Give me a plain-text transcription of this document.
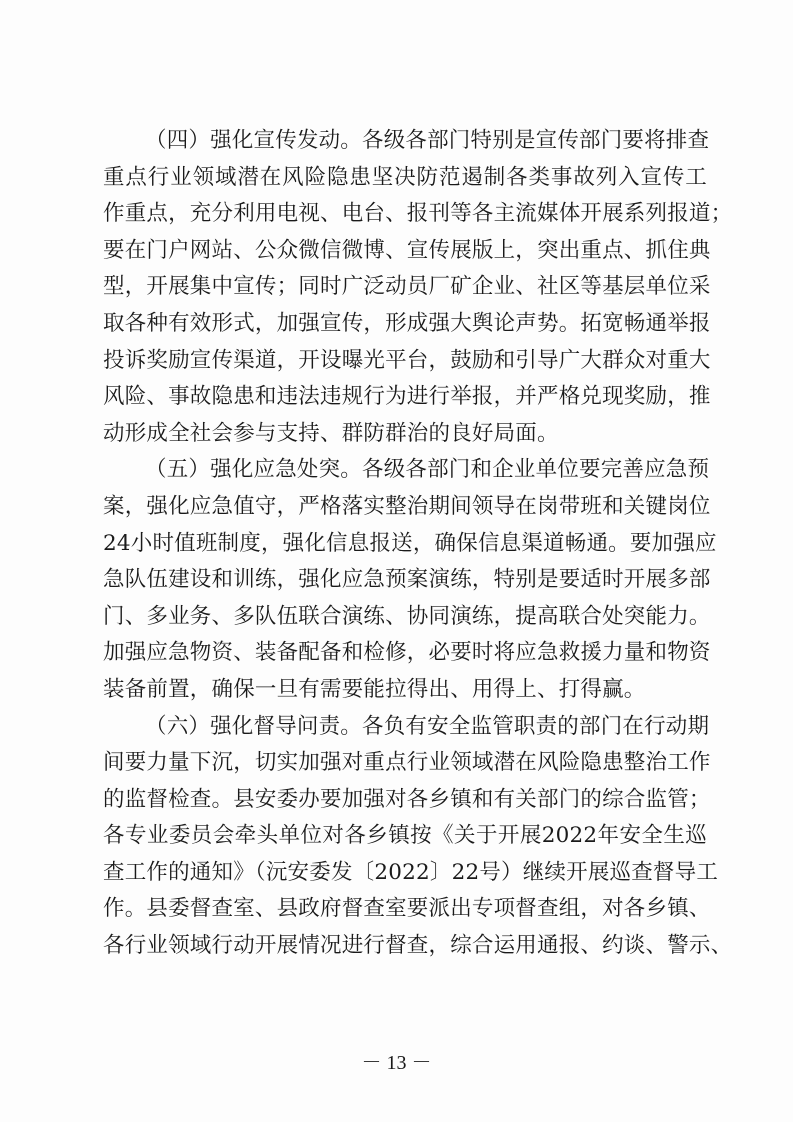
（四）强化宣传发动。各级各部门特别是宣传部门要将排查
重点行业领域潜在风险隐患坚决防范遏制各类事故列入宣传工
作重点，充分利用电视、电台、报刊等各主流媒体开展系列报道；
要在门户网站、公众微信微博、宣传展版上，突出重点、抓住典
型，开展集中宣传；同时广泛动员厂矿企业、社区等基层单位采
取各种有效形式，加强宣传，形成强大舆论声势。拓宽畅通举报
投诉奖励宣传渠道，开设曝光平台，鼓励和引导广大群众对重大
风险、事故隐患和违法违规行为进行举报，并严格兑现奖励，推
动形成全社会参与支持、群防群治的良好局面。
（五）强化应急处突。各级各部门和企业单位要完善应急预
案，强化应急值守，严格落实整治期间领导在岗带班和关键岗位
24小时值班制度，强化信息报送，确保信息渠道畅通。要加强应
急队伍建设和训练，强化应急预案演练，特别是要适时开展多部
门、多业务、多队伍联合演练、协同演练，提高联合处突能力。
加强应急物资、装备配备和检修，必要时将应急救援力量和物资
装备前置，确保一旦有需要能拉得出、用得上、打得赢。
（六）强化督导问责。各负有安全监管职责的部门在行动期
间要力量下沉，切实加强对重点行业领域潜在风险隐患整治工作
的监督检查。县安委办要加强对各乡镇和有关部门的综合监管；
各专业委员会牵头单位对各乡镇按《关于开展2022年安全生巡
查工作的通知》（沅安委发〔2022〕22号）继续开展巡查督导工
作。县委督查室、县政府督查室要派出专项督查组，对各乡镇、
各行业领域行动开展情况进行督查，综合运用通报、约谈、警示、
－ 13 －
